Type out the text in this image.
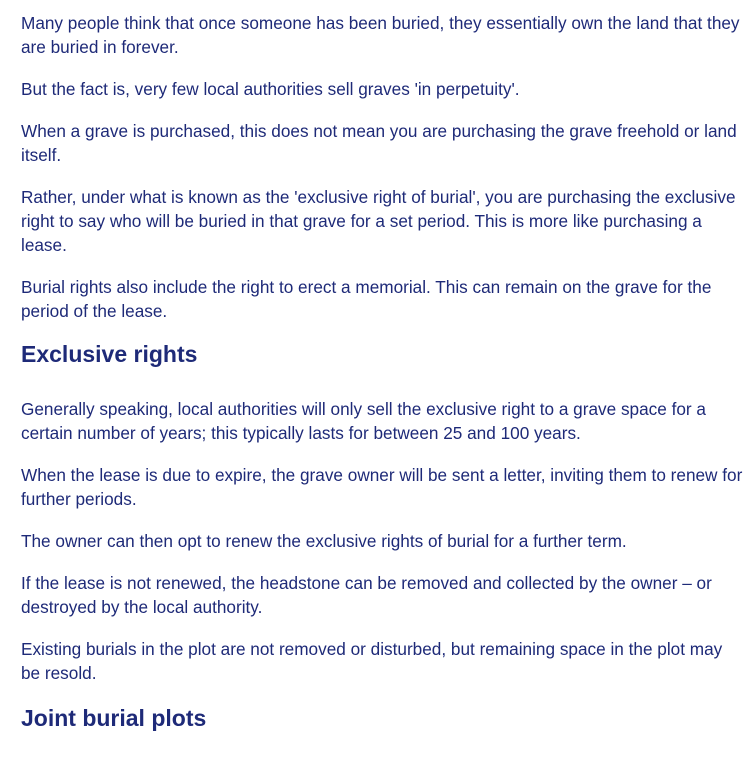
Many people think that once someone has been buried, they essentially own the land that they are buried in forever.

But the fact is, very few local authorities sell graves 'in perpetuity'.

When a grave is purchased, this does not mean you are purchasing the grave freehold or land itself.

Rather, under what is known as the 'exclusive right of burial', you are purchasing the exclusive right to say who will be buried in that grave for a set period. This is more like purchasing a lease.

Burial rights also include the right to erect a memorial. This can remain on the grave for the period of the lease.

Exclusive rights

Generally speaking, local authorities will only sell the exclusive right to a grave space for a certain number of years; this typically lasts for between 25 and 100 years.

When the lease is due to expire, the grave owner will be sent a letter, inviting them to renew for further periods.

The owner can then opt to renew the exclusive rights of burial for a further term.

If the lease is not renewed, the headstone can be removed and collected by the owner – or destroyed by the local authority.

Existing burials in the plot are not removed or disturbed, but remaining space in the plot may be resold.

Joint burial plots
